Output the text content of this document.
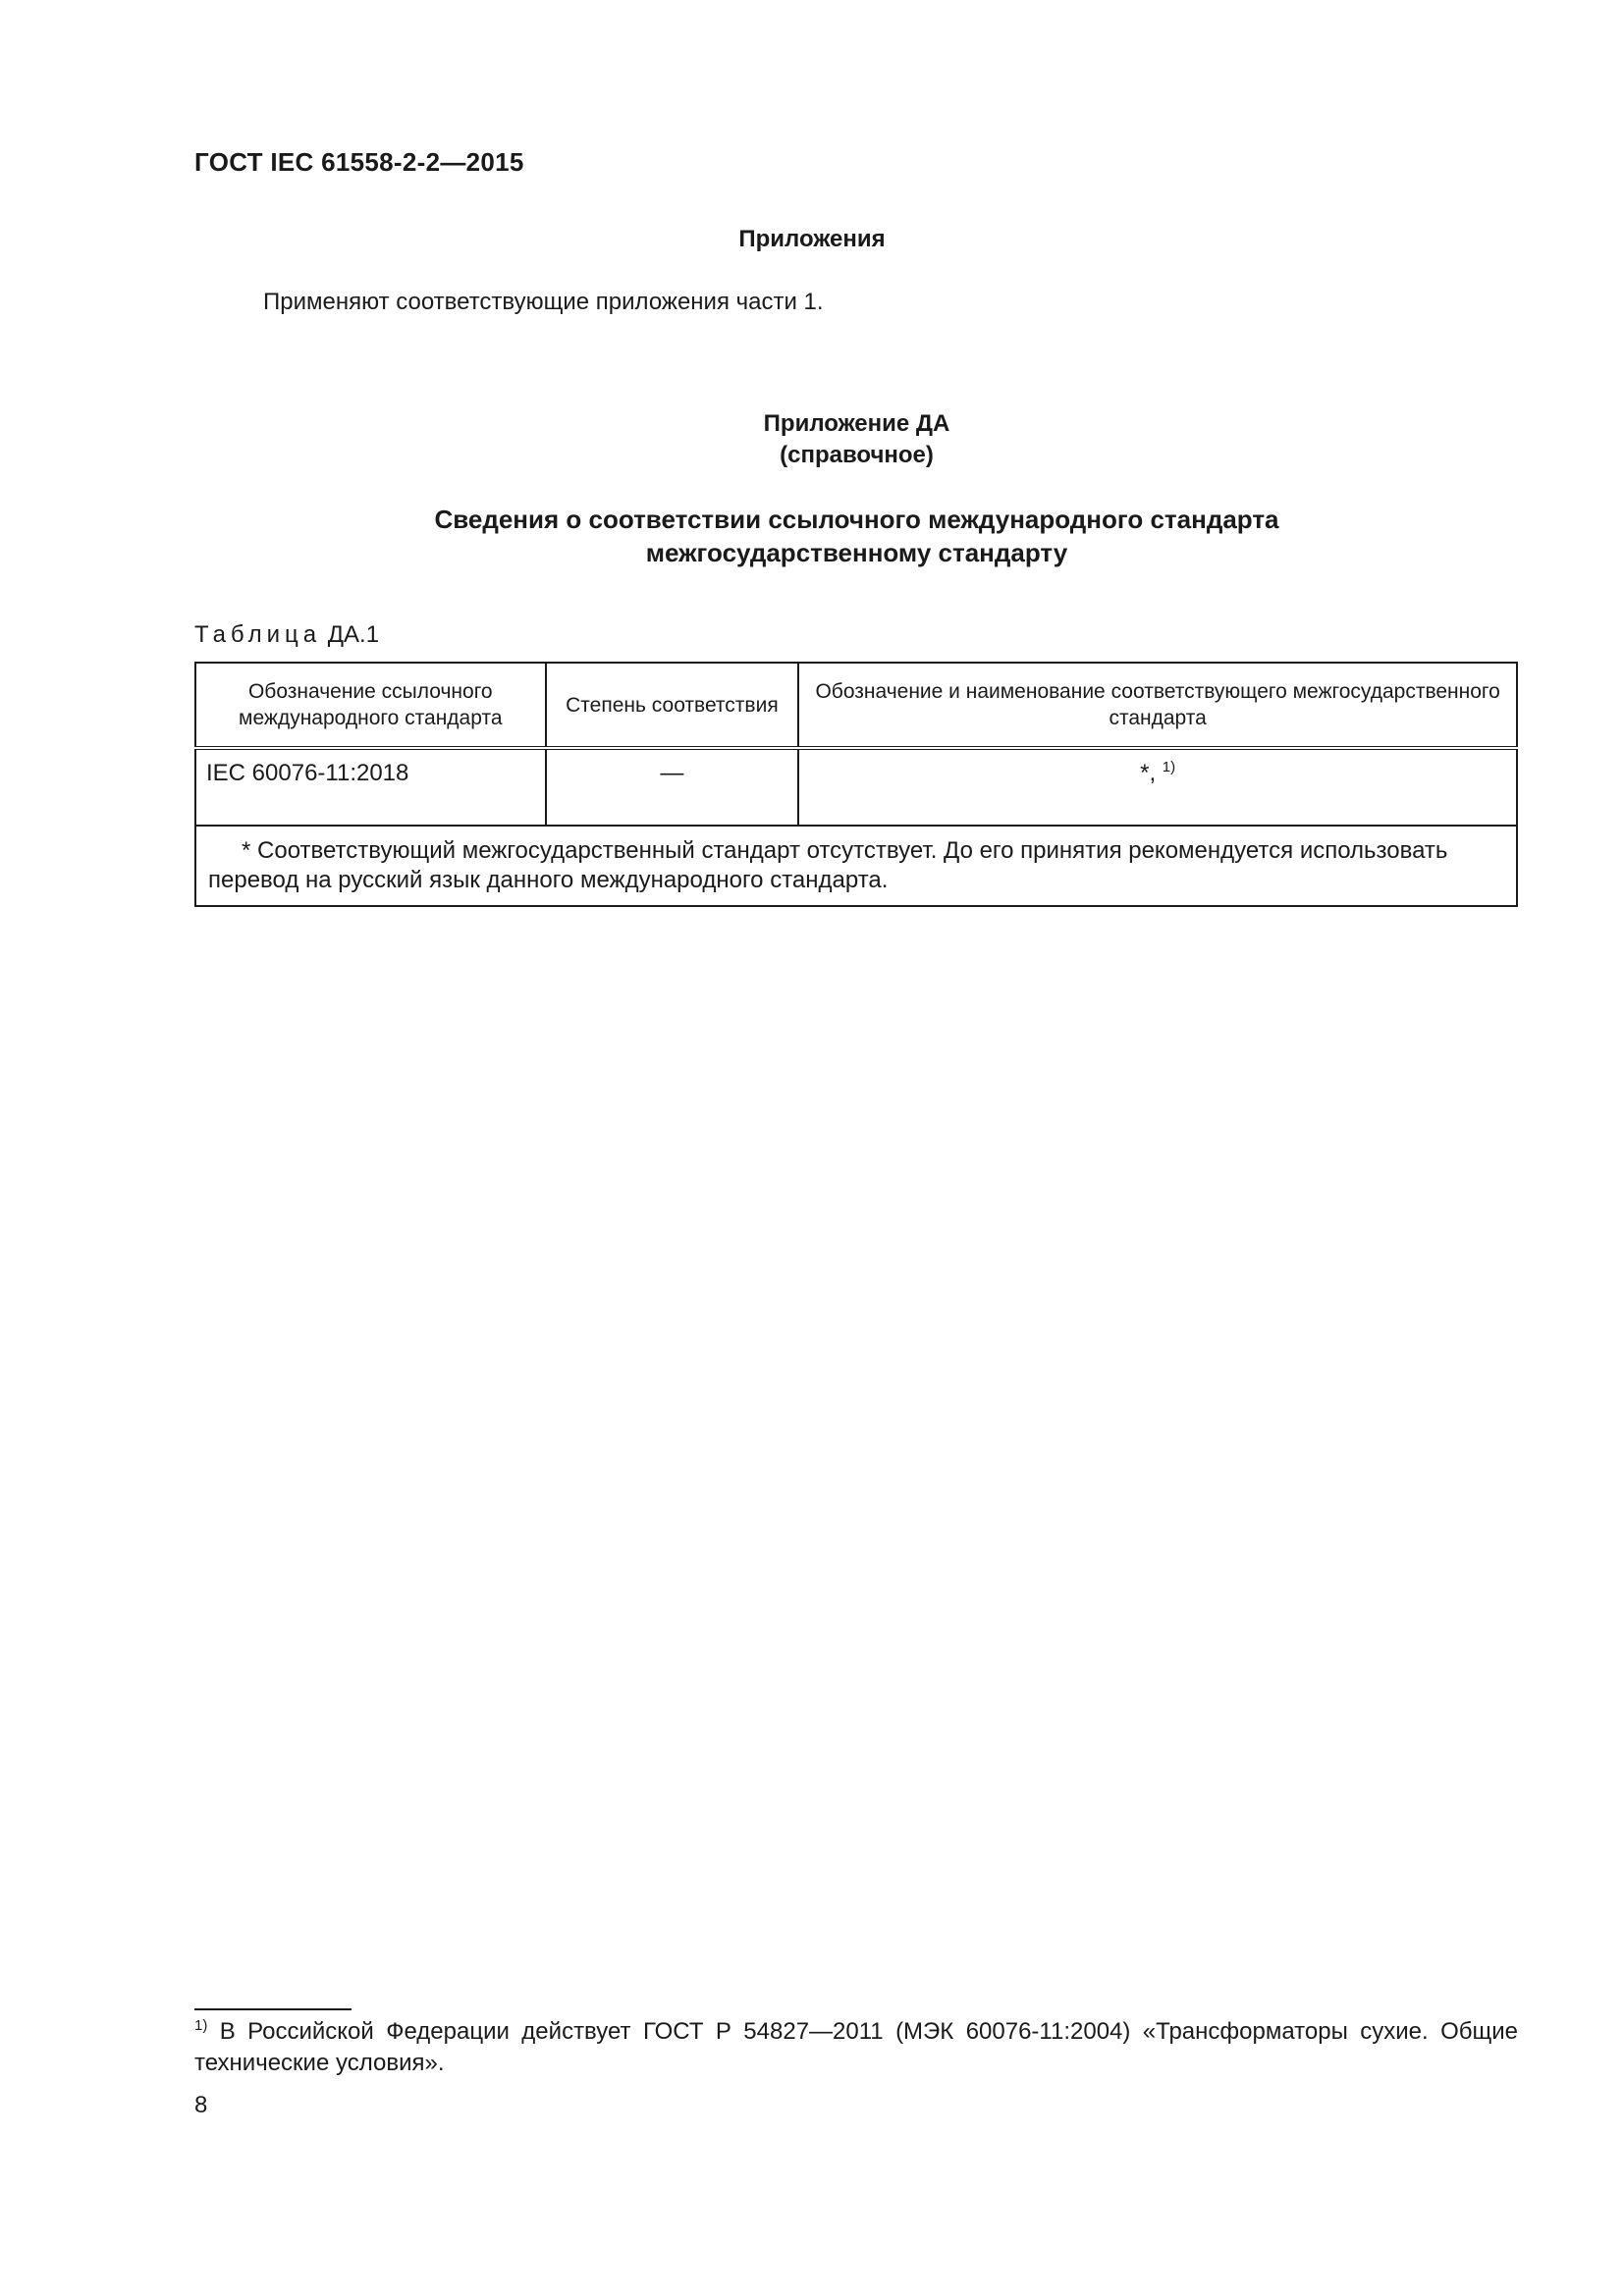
ГОСТ IEC 61558-2-2—2015
Приложения
Применяют соответствующие приложения части 1.
Приложение ДА
(справочное)
Сведения о соответствии ссылочного международного стандарта
межгосударственному стандарту
Таблица ДА.1
Обозначение ссылочного международного стандарта	Степень соответствия	Обозначение и наименование соответствующего межгосударственного стандарта
IEC 60076-11:2018	—	*, $^{1)}$

* Соответствующий межгосударственный стандарт отсутствует. До его принятия рекомендуется использовать перевод на русский язык данного международного стандарта.		
$^{1)}$ В Российской Федерации действует ГОСТ Р 54827—2011 (МЭК 60076-11:2004) «Трансформаторы сухие. Общие технические условия».
8
